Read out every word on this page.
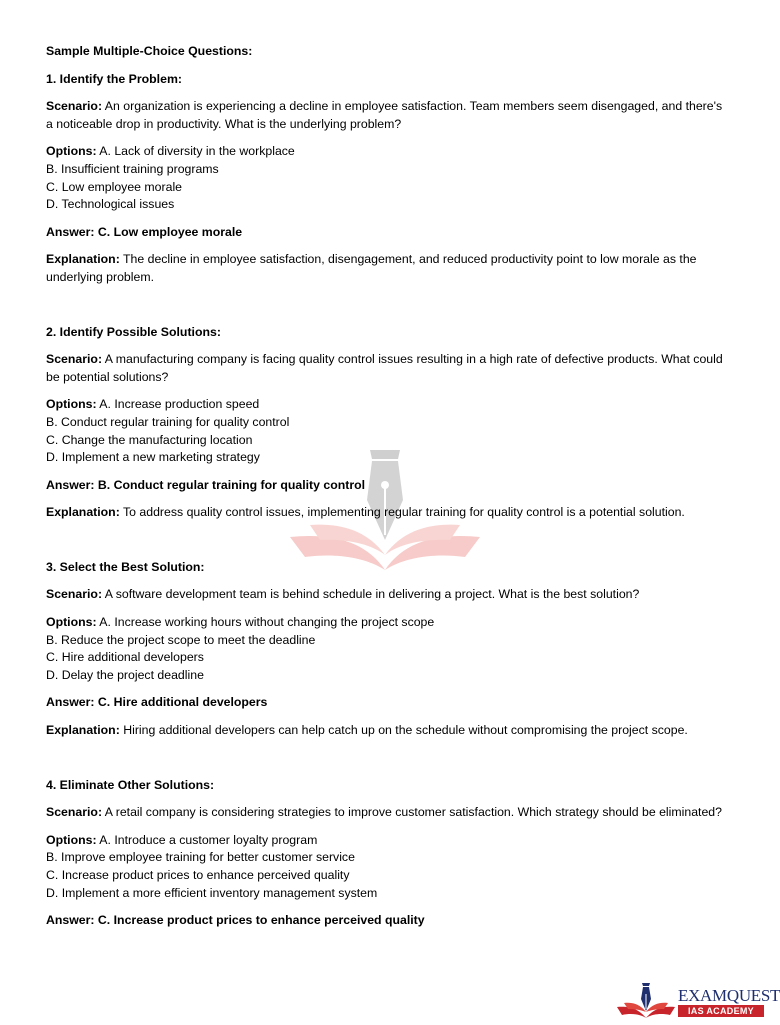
Sample Multiple-Choice Questions:

1. Identify the Problem:

Scenario: An organization is experiencing a decline in employee satisfaction. Team members seem disengaged, and there's a noticeable drop in productivity. What is the underlying problem?

Options: A. Lack of diversity in the workplace

B. Insufficient training programs

C. Low employee morale

D. Technological issues

Answer: C. Low employee morale

Explanation: The decline in employee satisfaction, disengagement, and reduced productivity point to low morale as the underlying problem.

2. Identify Possible Solutions:

Scenario: A manufacturing company is facing quality control issues resulting in a high rate of defective products. What could be potential solutions?

Options: A. Increase production speed

B. Conduct regular training for quality control

C. Change the manufacturing location

D. Implement a new marketing strategy

Answer: B. Conduct regular training for quality control

Explanation: To address quality control issues, implementing regular training for quality control is a potential solution.

3. Select the Best Solution:

Scenario: A software development team is behind schedule in delivering a project. What is the best solution?

Options: A. Increase working hours without changing the project scope

B. Reduce the project scope to meet the deadline

C. Hire additional developers

D. Delay the project deadline

Answer: C. Hire additional developers

Explanation: Hiring additional developers can help catch up on the schedule without compromising the project scope.

4. Eliminate Other Solutions:

Scenario: A retail company is considering strategies to improve customer satisfaction. Which strategy should be eliminated?

Options: A. Introduce a customer loyalty program

B. Improve employee training for better customer service

C. Increase product prices to enhance perceived quality

D. Implement a more efficient inventory management system

Answer: C. Increase product prices to enhance perceived quality

EXAMQUEST
IAS ACADEMY
